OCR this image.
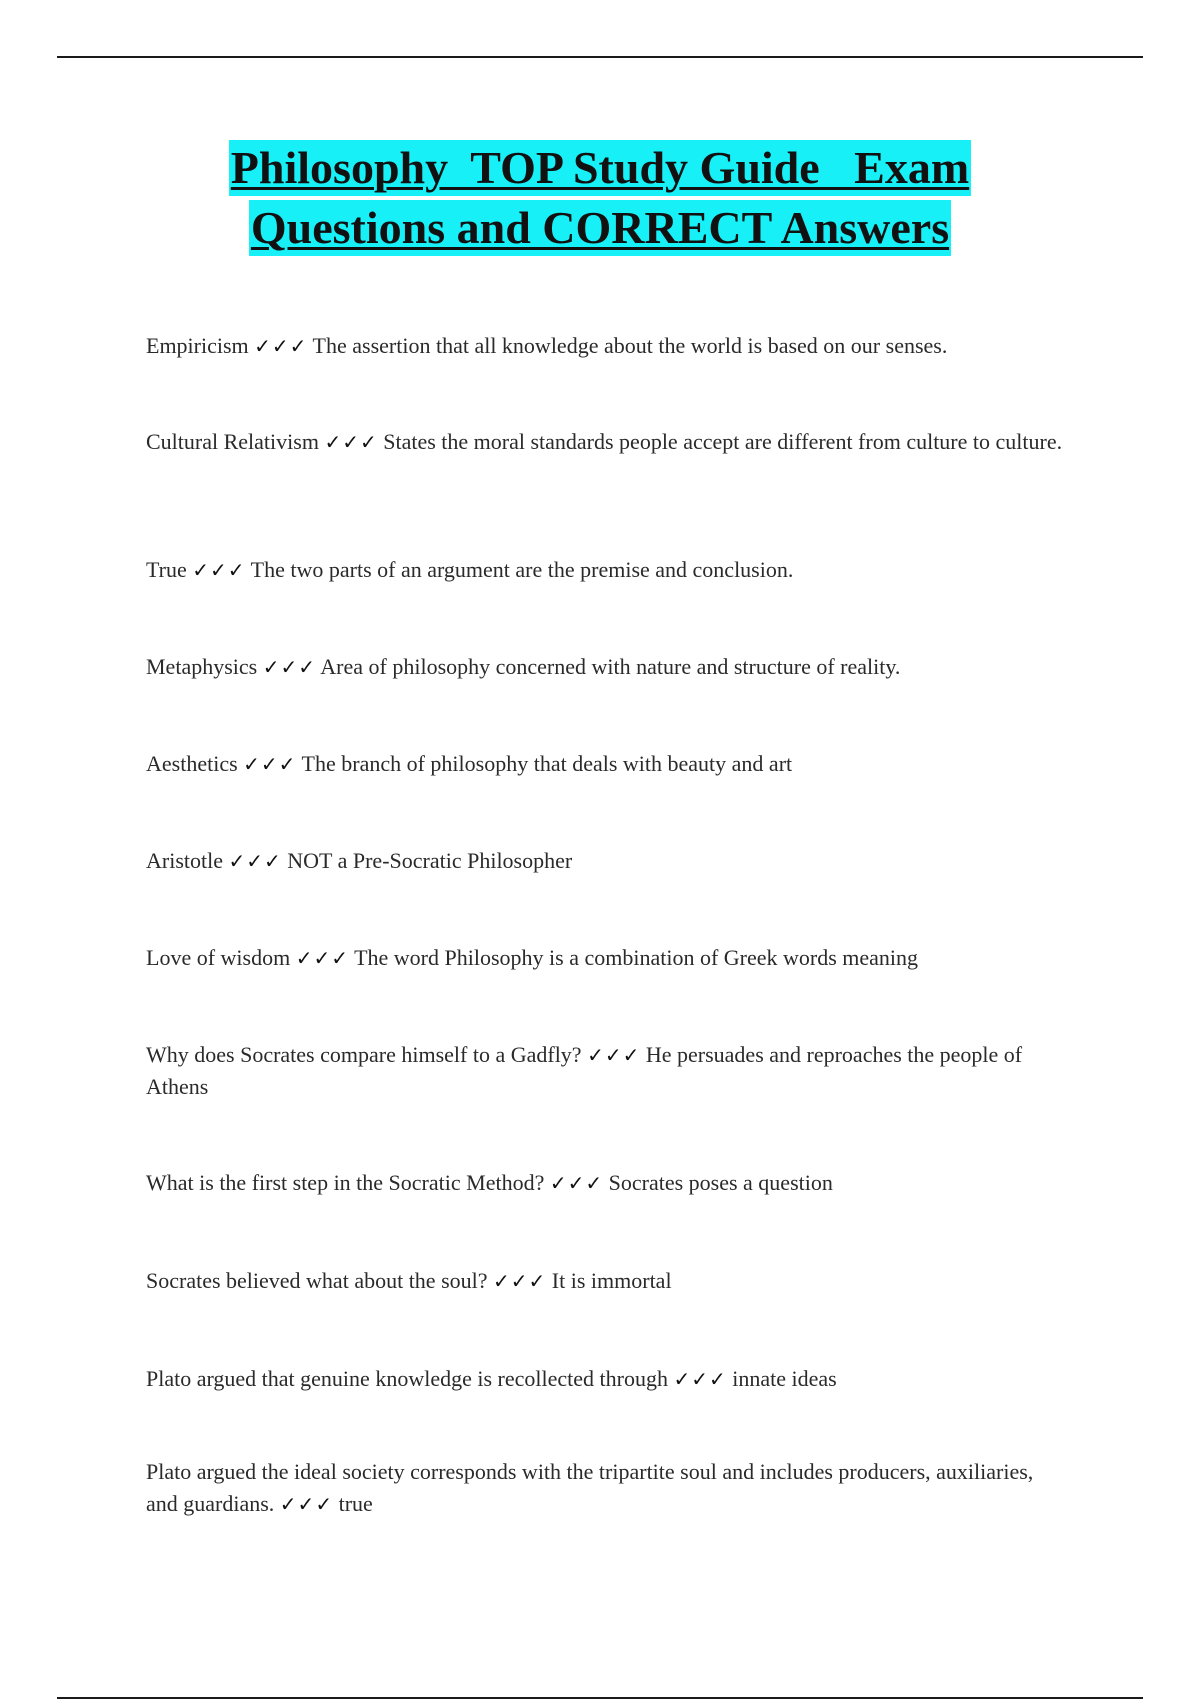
Philosophy  TOP Study Guide   Exam
Questions and CORRECT Answers
Empiricism ✓✓✓ The assertion that all knowledge about the world is based on our senses.
Cultural Relativism ✓✓✓ States the moral standards people accept are different from culture to culture.
True ✓✓✓ The two parts of an argument are the premise and conclusion.
Metaphysics ✓✓✓ Area of philosophy concerned with nature and structure of reality.
Aesthetics ✓✓✓ The branch of philosophy that deals with beauty and art
Aristotle ✓✓✓ NOT a Pre-Socratic Philosopher
Love of wisdom ✓✓✓ The word Philosophy is a combination of Greek words meaning
Why does Socrates compare himself to a Gadfly? ✓✓✓ He persuades and reproaches the people of Athens
What is the first step in the Socratic Method? ✓✓✓ Socrates poses a question
Socrates believed what about the soul? ✓✓✓ It is immortal
Plato argued that genuine knowledge is recollected through ✓✓✓ innate ideas
Plato argued the ideal society corresponds with the tripartite soul and includes producers, auxiliaries, and guardians. ✓✓✓ true
